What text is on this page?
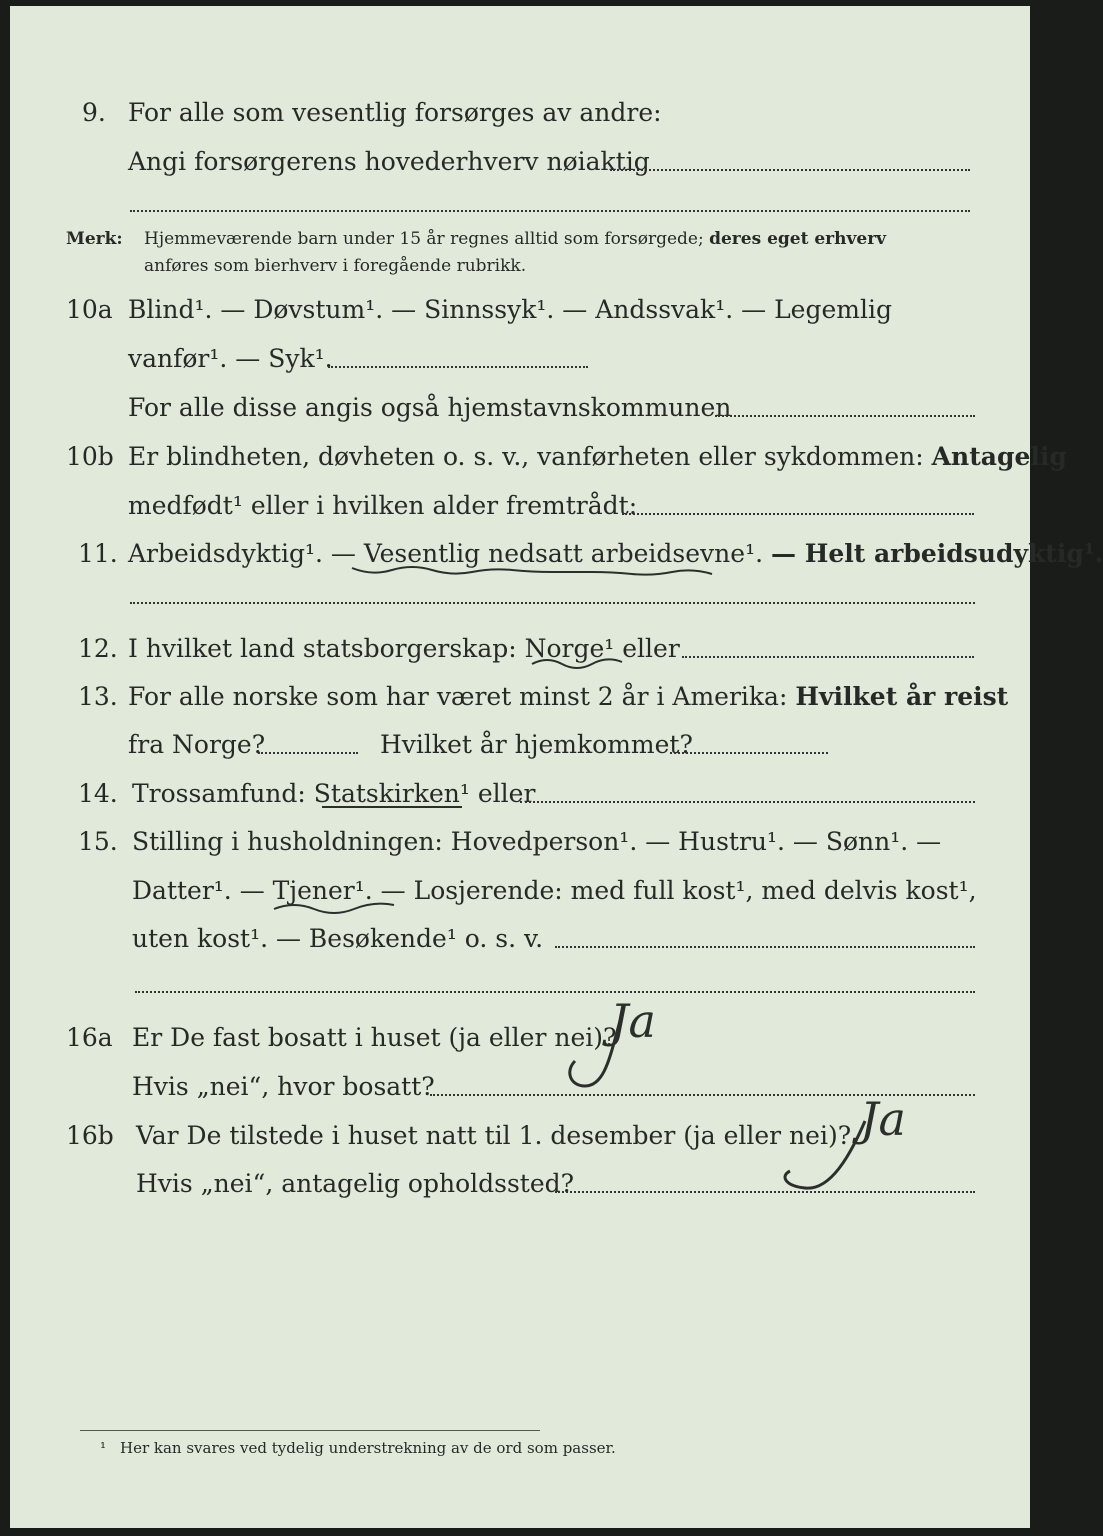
9. For alle som vesentlig forsørges av andre:
Angi forsørgerens hovederhverv nøiaktig
Merk: Hjemmeværende barn under 15 år regnes alltid som forsørgede; deres eget erhverv
anføres som bierhverv i foregående rubrikk.
10a Blind¹. — Døvstum¹. — Sinnssyk¹. — Andssvak¹. — Legemlig
vanfør¹. — Syk¹.
For alle disse angis også hjemstavnskommunen
10b Er blindheten, døvheten o. s. v., vanførheten eller sykdommen: Antagelig
medfødt¹ eller i hvilken alder fremtrådt:
11. Arbeidsdyktig¹. — Vesentlig nedsatt arbeidsevne¹. — Helt arbeidsudyktig¹.
12. I hvilket land statsborgerskap: Norge¹ eller
13. For alle norske som har været minst 2 år i Amerika: Hvilket år reist
fra Norge?	Hvilket år hjemkommet?
14. Trossamfund: Statskirken¹ eller
15. Stilling i husholdningen: Hovedperson¹. — Hustru¹. — Sønn¹. —
Datter¹. — Tjener¹. — Losjerende: med full kost¹, med delvis kost¹,
uten kost¹. — Besøkende¹ o. s. v.
16a Er De fast bosatt i huset (ja eller nei)?
Ja
Hvis „nei“, hvor bosatt?
16b Var De tilstede i huset natt til 1. desember (ja eller nei)? Ja
Hvis „nei“, antagelig opholdssted?
¹ Her kan svares ved tydelig understrekning av de ord som passer.
